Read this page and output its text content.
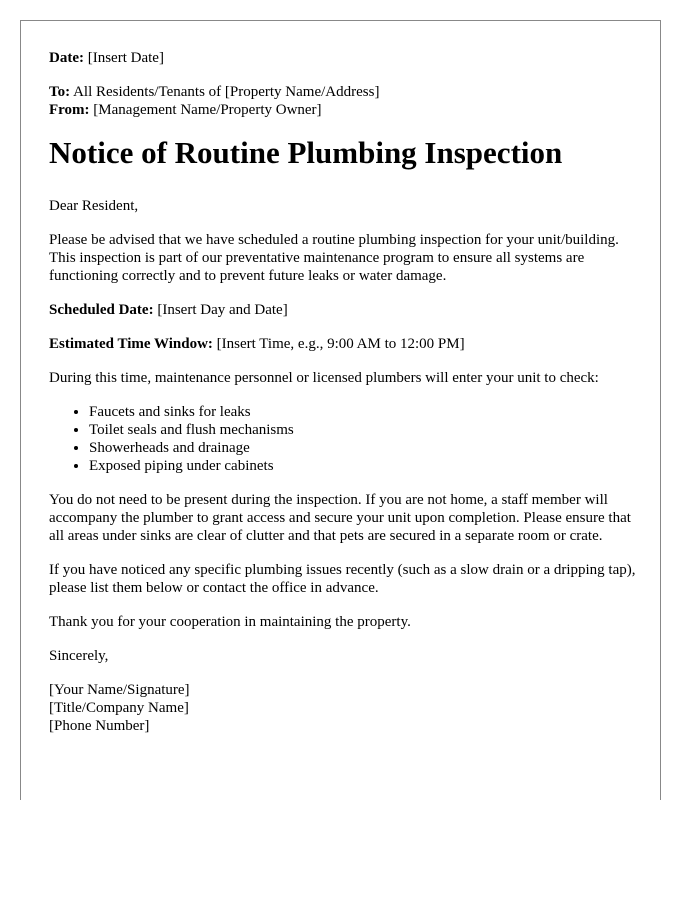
Date: [Insert Date]

To: All Residents/Tenants of [Property Name/Address]

From: [Management Name/Property Owner]

Notice of Routine Plumbing Inspection

Dear Resident,

Please be advised that we have scheduled a routine plumbing inspection for your unit/building. This inspection is part of our preventative maintenance program to ensure all systems are functioning correctly and to prevent future leaks or water damage.

Scheduled Date: [Insert Day and Date]

Estimated Time Window: [Insert Time, e.g., 9:00 AM to 12:00 PM]

During this time, maintenance personnel or licensed plumbers will enter your unit to check:

• Faucets and sinks for leaks
• Toilet seals and flush mechanisms
• Showerheads and drainage
• Exposed piping under cabinets

You do not need to be present during the inspection. If you are not home, a staff member will accompany the plumber to grant access and secure your unit upon completion. Please ensure that all areas under sinks are clear of clutter and that pets are secured in a separate room or crate.

If you have noticed any specific plumbing issues recently (such as a slow drain or a dripping tap), please list them below or contact the office in advance.

Thank you for your cooperation in maintaining the property.

Sincerely,

[Your Name/Signature]
[Title/Company Name]
[Phone Number]
